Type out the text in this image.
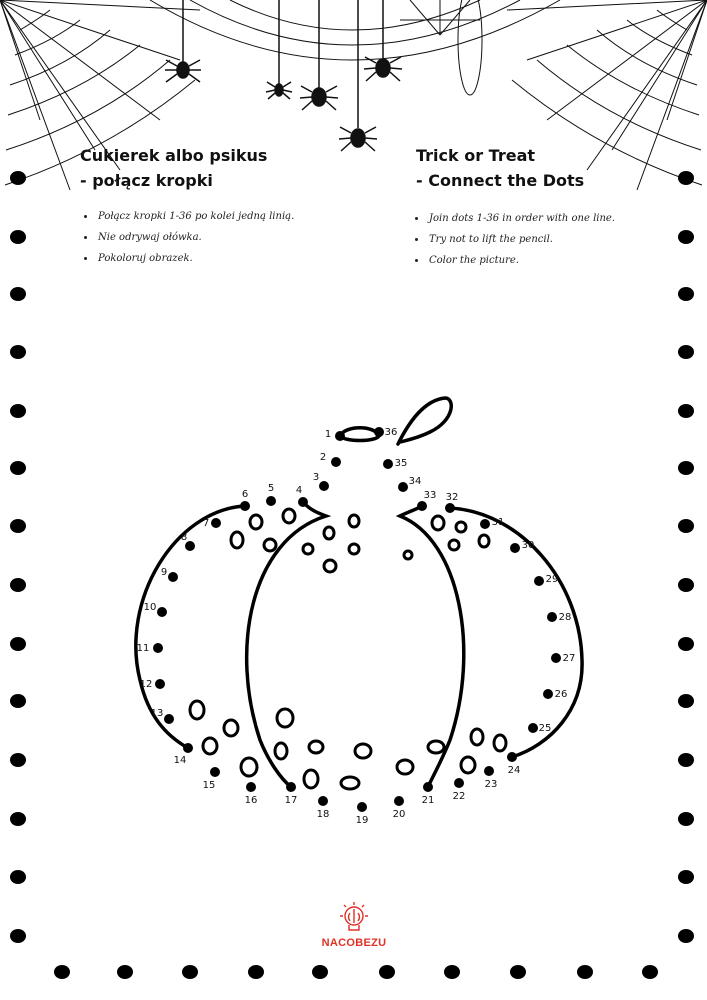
1
2
3
4
5
6
7
8
9
10
11
12
13
14
15
16	17
18
19
20
21 22
23
24
25
26
27
28
29
30
31
32
33
34
35
36
Cukierek albo psikus
- połącz kropki
Trick or Treat
- Connect the Dots
• Połącz kropki 1-36 po kolei jedną linią.
• Nie odrywaj ołówka.
• Pokoloruj obrazek.
• Join dots 1-36 in order with one line.
• Try not to lift the pencil.
• Color the picture.
NACOBEZU
